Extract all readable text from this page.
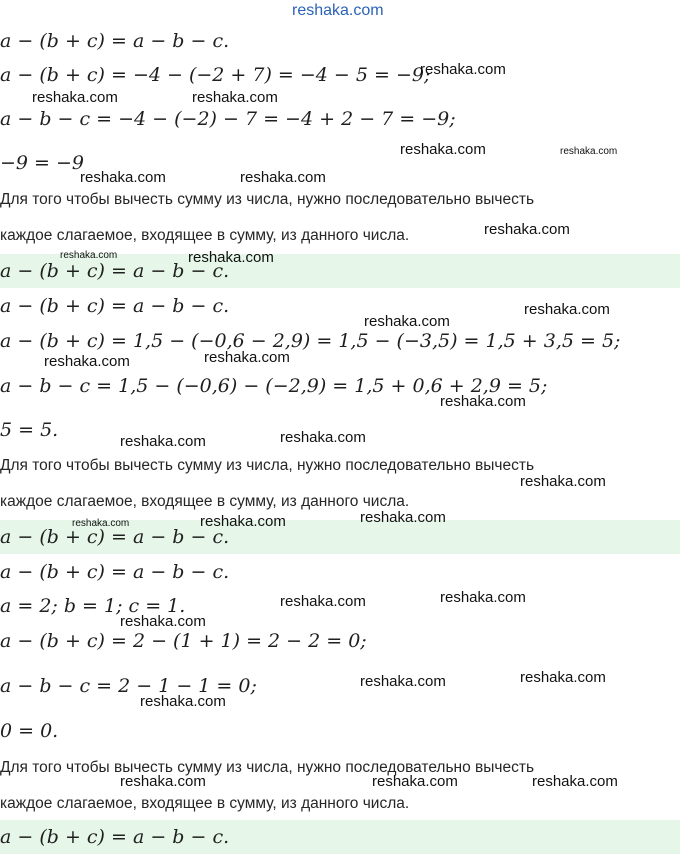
reshaka.com
a − (b + c) = a − b − c.
a − (b + c) = −4 − (−2 + 7) = −4 − 5 = −9;
a − b − c = −4 − (−2) − 7 = −4 + 2 − 7 = −9;
−9 = −9
Для того чтобы вычесть сумму из числа, нужно последовательно вычесть
каждое слагаемое, входящее в сумму, из данного числа.
a − (b + c) = a − b − c.
a − (b + c) = a − b − c.
a − (b + c) = 1,5 − (−0,6 − 2,9) = 1,5 − (−3,5) = 1,5 + 3,5 = 5;
a − b − c = 1,5 − (−0,6) − (−2,9) = 1,5 + 0,6 + 2,9 = 5;
5 = 5.
Для того чтобы вычесть сумму из числа, нужно последовательно вычесть
каждое слагаемое, входящее в сумму, из данного числа.
a − (b + c) = a − b − c.
a − (b + c) = a − b − c.
a = 2; b = 1; c = 1.
a − (b + c) = 2 − (1 + 1) = 2 − 2 = 0;
a − b − c = 2 − 1 − 1 = 0;
0 = 0.
Для того чтобы вычесть сумму из числа, нужно последовательно вычесть
каждое слагаемое, входящее в сумму, из данного числа.
a − (b + c) = a − b − c.
reshaka.com
reshaka.com	reshaka.com
reshaka.com	reshaka.com
reshaka.com	reshaka.com
reshaka.com
reshaka.com	reshaka.com
reshaka.com
reshaka.com
reshaka.com
reshaka.com
reshaka.com
reshaka.com
reshaka.com
reshaka.com
reshaka.com
reshaka.com	reshaka.com
reshaka.com
reshaka.com
reshaka.com
reshaka.com
reshaka.com
reshaka.com
reshaka.com	reshaka.com	reshaka.com
